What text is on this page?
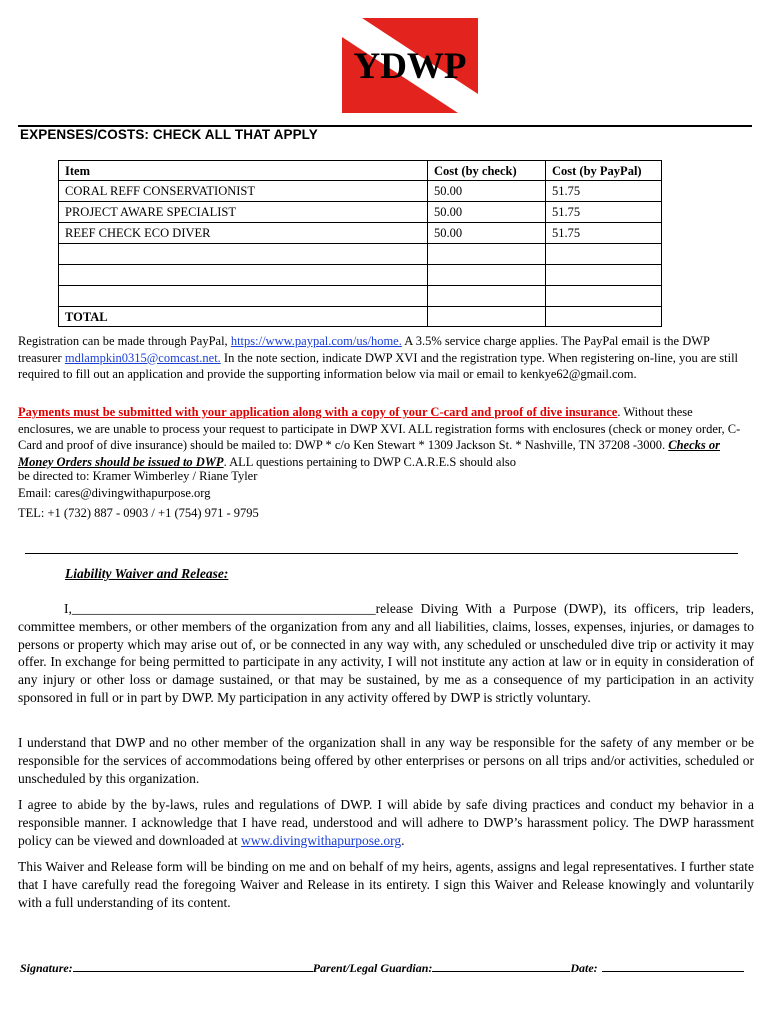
YDWP
EXPENSES/COSTS: CHECK ALL THAT APPLY
Item	Cost (by check)	Cost (by PayPal)
CORAL REFF CONSERVATIONIST	50.00	51.75
PROJECT AWARE SPECIALIST	50.00	51.75
REEF CHECK ECO DIVER	50.00	51.75

TOTAL		
Registration can be made through PayPal, https://www.paypal.com/us/home. A 3.5% service charge applies. The PayPal email is the DWP treasurer mdlampkin0315@comcast.net. In the note section, indicate DWP XVI and the registration type. When registering on-line, you are still required to fill out an application and provide the supporting information below via mail or email to kenkye62@gmail.com.
Payments must be submitted with your application along with a copy of your C-card and proof of dive insurance. Without these enclosures, we are unable to process your request to participate in DWP XVI. ALL registration forms with enclosures (check or money order, C-Card and proof of dive insurance) should be mailed to: DWP * c/o Ken Stewart * 1309 Jackson St. * Nashville, TN 37208 -3000. Checks or Money Orders should be issued to DWP. ALL questions pertaining to DWP C.A.R.E.S should also
be directed to: Kramer Wimberley / Riane Tyler
Email: cares@divingwithapurpose.org
TEL: +1 (732) 887 - 0903 / +1 (754) 971 - 9795
Liability Waiver and Release:
I,_____________________________________________release Diving With a Purpose (DWP), its officers, trip leaders, committee members, or other members of the organization from any and all liabilities, claims, losses, expenses, injuries, or damages to persons or property which may arise out of, or be connected in any way with, any scheduled or unscheduled dive trip or activity it may offer. In exchange for being permitted to participate in any activity, I will not institute any action at law or in equity in consideration of any injury or other loss or damage sustained, or that may be sustained, by me as a consequence of my participation in an activity sponsored in full or in part by DWP. My participation in any activity offered by DWP is strictly voluntary.
I understand that DWP and no other member of the organization shall in any way be responsible for the safety of any member or be responsible for the services of accommodations being offered by other enterprises or persons on all trips and/or activities, scheduled or unscheduled by this organization.
I agree to abide by the by-laws, rules and regulations of DWP. I will abide by safe diving practices and conduct my behavior in a responsible manner. I acknowledge that I have read, understood and will adhere to DWP’s harassment policy. The DWP harassment policy can be viewed and downloaded at www.divingwithapurpose.org.
This Waiver and Release form will be binding on me and on behalf of my heirs, agents, assigns and legal representatives. I further state that I have carefully read the foregoing Waiver and Release in its entirety. I sign this Waiver and Release knowingly and voluntarily with a full understanding of its content.
Signature:	Parent/Legal Guardian:	Date:
